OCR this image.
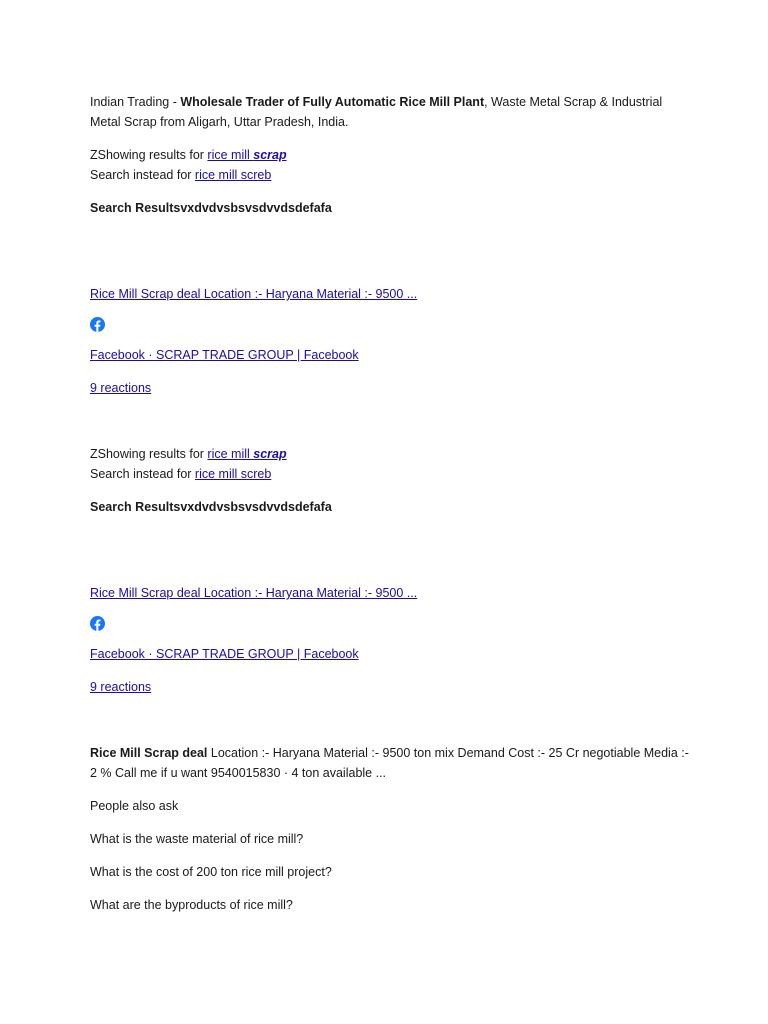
Indian Trading - Wholesale Trader of Fully Automatic Rice Mill Plant, Waste Metal Scrap & Industrial Metal Scrap from Aligarh, Uttar Pradesh, India.

ZShowing results for rice mill scrap

Search instead for rice mill screb

Search Resultsvxdvdvsbsvsdvvdsdefafa

Rice Mill Scrap deal Location :- Haryana Material :- 9500 ...
Facebook · SCRAP TRADE GROUP | Facebook
9 reactions

ZShowing results for rice mill scrap

Search instead for rice mill screb

Search Resultsvxdvdvsbsvsdvvdsdefafa

Rice Mill Scrap deal Location :- Haryana Material :- 9500 ...
Facebook · SCRAP TRADE GROUP | Facebook
9 reactions

Rice Mill Scrap deal Location :- Haryana Material :- 9500 ton mix Demand Cost :- 25 Cr negotiable Media :- 2 % Call me if u want 9540015830 · 4 ton available ...

People also ask

What is the waste material of rice mill?

What is the cost of 200 ton rice mill project?

What are the byproducts of rice mill?
